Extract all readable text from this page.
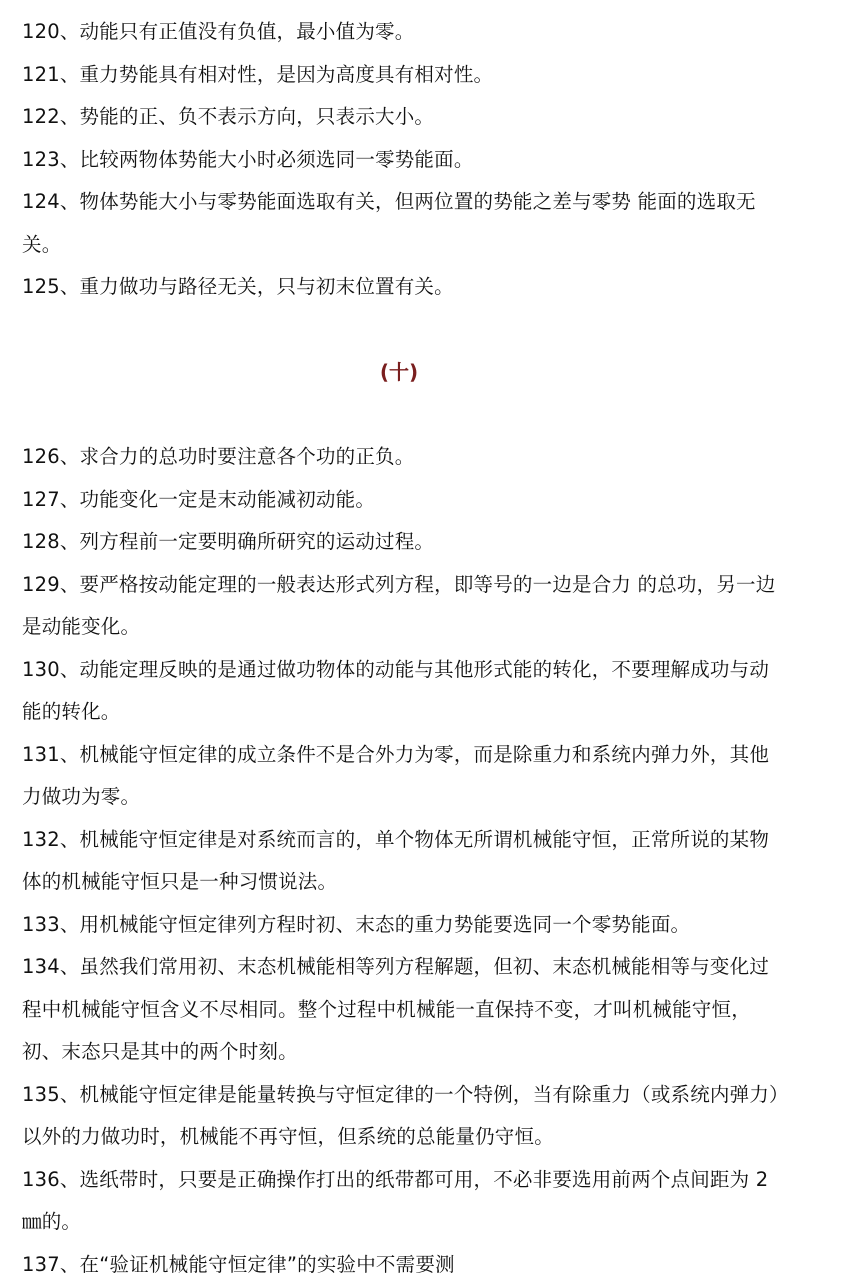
120、动能只有正值没有负值，最小值为零。

121、重力势能具有相对性，是因为高度具有相对性。

122、势能的正、负不表示方向，只表示大小。

123、比较两物体势能大小时必须选同一零势能面。

124、物体势能大小与零势能面选取有关，但两位置的势能之差与零势 能面的选取无关。

125、重力做功与路径无关，只与初末位置有关。

(十)

126、求合力的总功时要注意各个功的正负。

127、功能变化一定是末动能减初动能。

128、列方程前一定要明确所研究的运动过程。

129、要严格按动能定理的一般表达形式列方程，即等号的一边是合力 的总功，另一边是动能变化。

130、动能定理反映的是通过做功物体的动能与其他形式能的转化，不要理解成功与动能的转化。

131、机械能守恒定律的成立条件不是合外力为零，而是除重力和系统内弹力外，其他力做功为零。

132、机械能守恒定律是对系统而言的，单个物体无所谓机械能守恒，正常所说的某物体的机械能守恒只是一种习惯说法。

133、用机械能守恒定律列方程时初、末态的重力势能要选同一个零势能面。

134、虽然我们常用初、末态机械能相等列方程解题，但初、末态机械能相等与变化过程中机械能守恒含义不尽相同。整个过程中机械能一直保持不变，才叫机械能守恒，初、末态只是其中的两个时刻。

135、机械能守恒定律是能量转换与守恒定律的一个特例，当有除重力（或系统内弹力）以外的力做功时，机械能不再守恒，但系统的总能量仍守恒。

136、选纸带时，只要是正确操作打出的纸带都可用，不必非要选用前两个点间距为 2 ㎜的。

137、在“验证机械能守恒定律”的实验中不需要测
